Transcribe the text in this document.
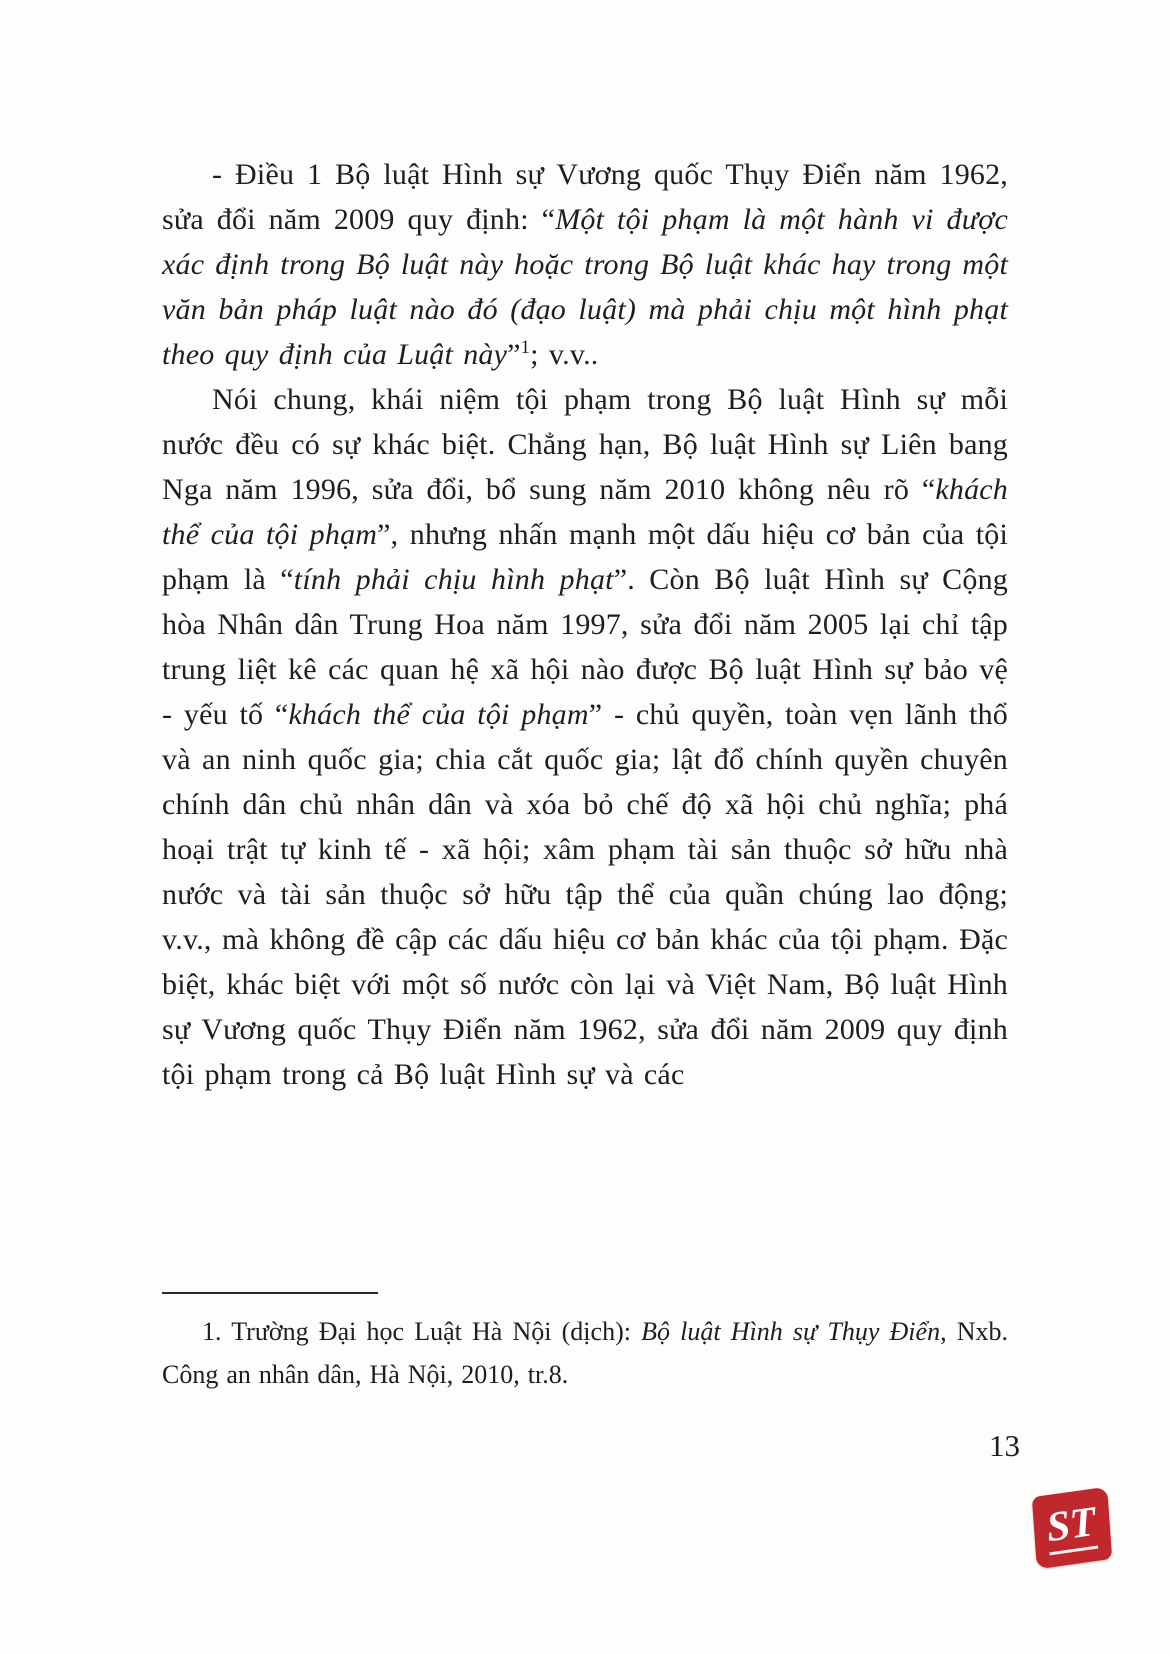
- Điều 1 Bộ luật Hình sự Vương quốc Thụy Điển năm 1962, sửa đổi năm 2009 quy định: “Một tội phạm là một hành vi được xác định trong Bộ luật này hoặc trong Bộ luật khác hay trong một văn bản pháp luật nào đó (đạo luật) mà phải chịu một hình phạt theo quy định của Luật này”$^1$; v.v..

Nói chung, khái niệm tội phạm trong Bộ luật Hình sự mỗi nước đều có sự khác biệt. Chẳng hạn, Bộ luật Hình sự Liên bang Nga năm 1996, sửa đổi, bổ sung năm 2010 không nêu rõ “khách thể của tội phạm”, nhưng nhấn mạnh một dấu hiệu cơ bản của tội phạm là “tính phải chịu hình phạt”. Còn Bộ luật Hình sự Cộng hòa Nhân dân Trung Hoa năm 1997, sửa đổi năm 2005 lại chỉ tập trung liệt kê các quan hệ xã hội nào được Bộ luật Hình sự bảo vệ - yếu tố “khách thể của tội phạm” - chủ quyền, toàn vẹn lãnh thổ và an ninh quốc gia; chia cắt quốc gia; lật đổ chính quyền chuyên chính dân chủ nhân dân và xóa bỏ chế độ xã hội chủ nghĩa; phá hoại trật tự kinh tế - xã hội; xâm phạm tài sản thuộc sở hữu nhà nước và tài sản thuộc sở hữu tập thể của quần chúng lao động; v.v., mà không đề cập các dấu hiệu cơ bản khác của tội phạm. Đặc biệt, khác biệt với một số nước còn lại và Việt Nam, Bộ luật Hình sự Vương quốc Thụy Điển năm 1962, sửa đổi năm 2009 quy định tội phạm trong cả Bộ luật Hình sự và các

1. Trường Đại học Luật Hà Nội (dịch): Bộ luật Hình sự Thụy Điển, Nxb. Công an nhân dân, Hà Nội, 2010, tr.8.

13
ST
